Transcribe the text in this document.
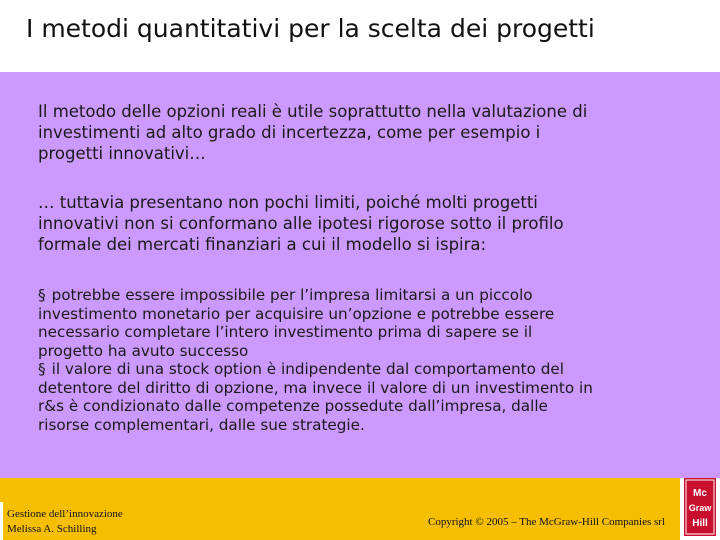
I metodi quantitativi per la scelta dei progetti

Il metodo delle opzioni reali è utile soprattutto nella valutazione di investimenti ad alto grado di incertezza, come per esempio i progetti innovativi…

… tuttavia presentano non pochi limiti, poiché molti progetti innovativi non si conformano alle ipotesi rigorose sotto il profilo formale dei mercati finanziari a cui il modello si ispira:

§ potrebbe essere impossibile per l’impresa limitarsi a un piccolo investimento monetario per acquisire un’opzione e potrebbe essere necessario completare l’intero investimento prima di sapere se il progetto ha avuto successo

§ il valore di una stock option è indipendente dal comportamento del detentore del diritto di opzione, ma invece il valore di un investimento in r&s è condizionato dalle competenze possedute dall’impresa, dalle risorse complementari, dalle sue strategie.

Gestione dell’innovazione
Melissa A. Schilling
Copyright © 2005 – The McGraw-Hill Companies srl
Mc
Graw
Hill
